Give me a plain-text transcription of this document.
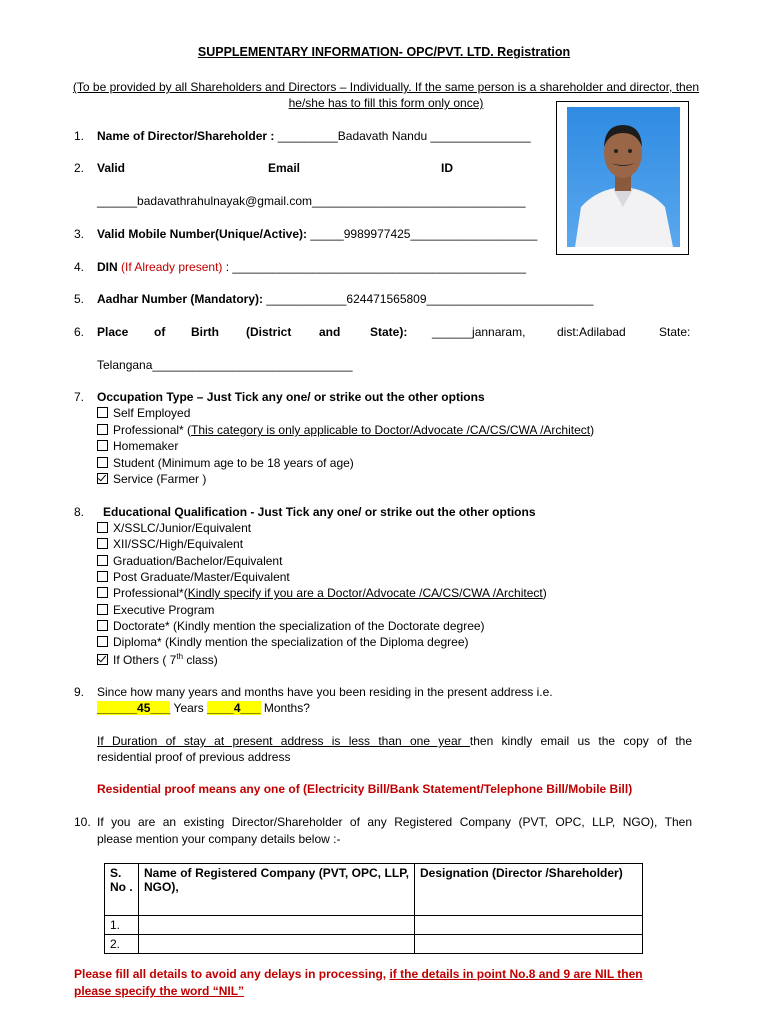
SUPPLEMENTARY INFORMATION- OPC/PVT. LTD. Registration
(To be provided by all Shareholders and Directors – Individually. If the same person is a shareholder and director, then he/she has to fill this form only once)
1. Name of Director/Shareholder : _________Badavath Nandu _______________
2. Valid	Email	ID
______badavathrahulnayak@gmail.com________________________________
3. Valid Mobile Number(Unique/Active): _____9989977425___________________
4. DIN (If Already present) : ____________________________________________
5. Aadhar Number (Mandatory): ____________624471565809_________________________
6. Place of Birth (District and State): ______jannaram,	dist:Adilabad	State:
Telangana______________________________
7. Occupation Type – Just Tick any one/ or strike out the other options
Self Employed
Professional* (This category is only applicable to Doctor/Advocate /CA/CS/CWA /Architect)
Homemaker
Student (Minimum age to be 18 years of age)
Service (Farmer )
8. Educational Qualification - Just Tick any one/ or strike out the other options
X/SSLC/Junior/Equivalent
XII/SSC/High/Equivalent
Graduation/Bachelor/Equivalent
Post Graduate/Master/Equivalent
Professional*(Kindly specify if you are a Doctor/Advocate /CA/CS/CWA /Architect)
Executive Program
Doctorate* (Kindly mention the specialization of the Doctorate degree)
Diploma* (Kindly mention the specialization of the Diploma degree)
If Others ( 7th class)
9. Since how many years and months have you been residing in the present address i.e.
______45___ Years ____4___ Months?
If Duration of stay at present address is less than one year then kindly email us the copy of the
residential proof of previous address
Residential proof means any one of (Electricity Bill/Bank Statement/Telephone Bill/Mobile Bill)
10. If you are an existing Director/Shareholder of any Registered Company (PVT, OPC, LLP, NGO), Then
please mention your company details below :-
S. No .	Name of Registered Company (PVT, OPC, LLP, NGO),	Designation (Director /Shareholder)
1.		
2.		
Please fill all details to avoid any delays in processing, if the details in point No.8 and 9 are NIL then
please specify the word “NIL”
